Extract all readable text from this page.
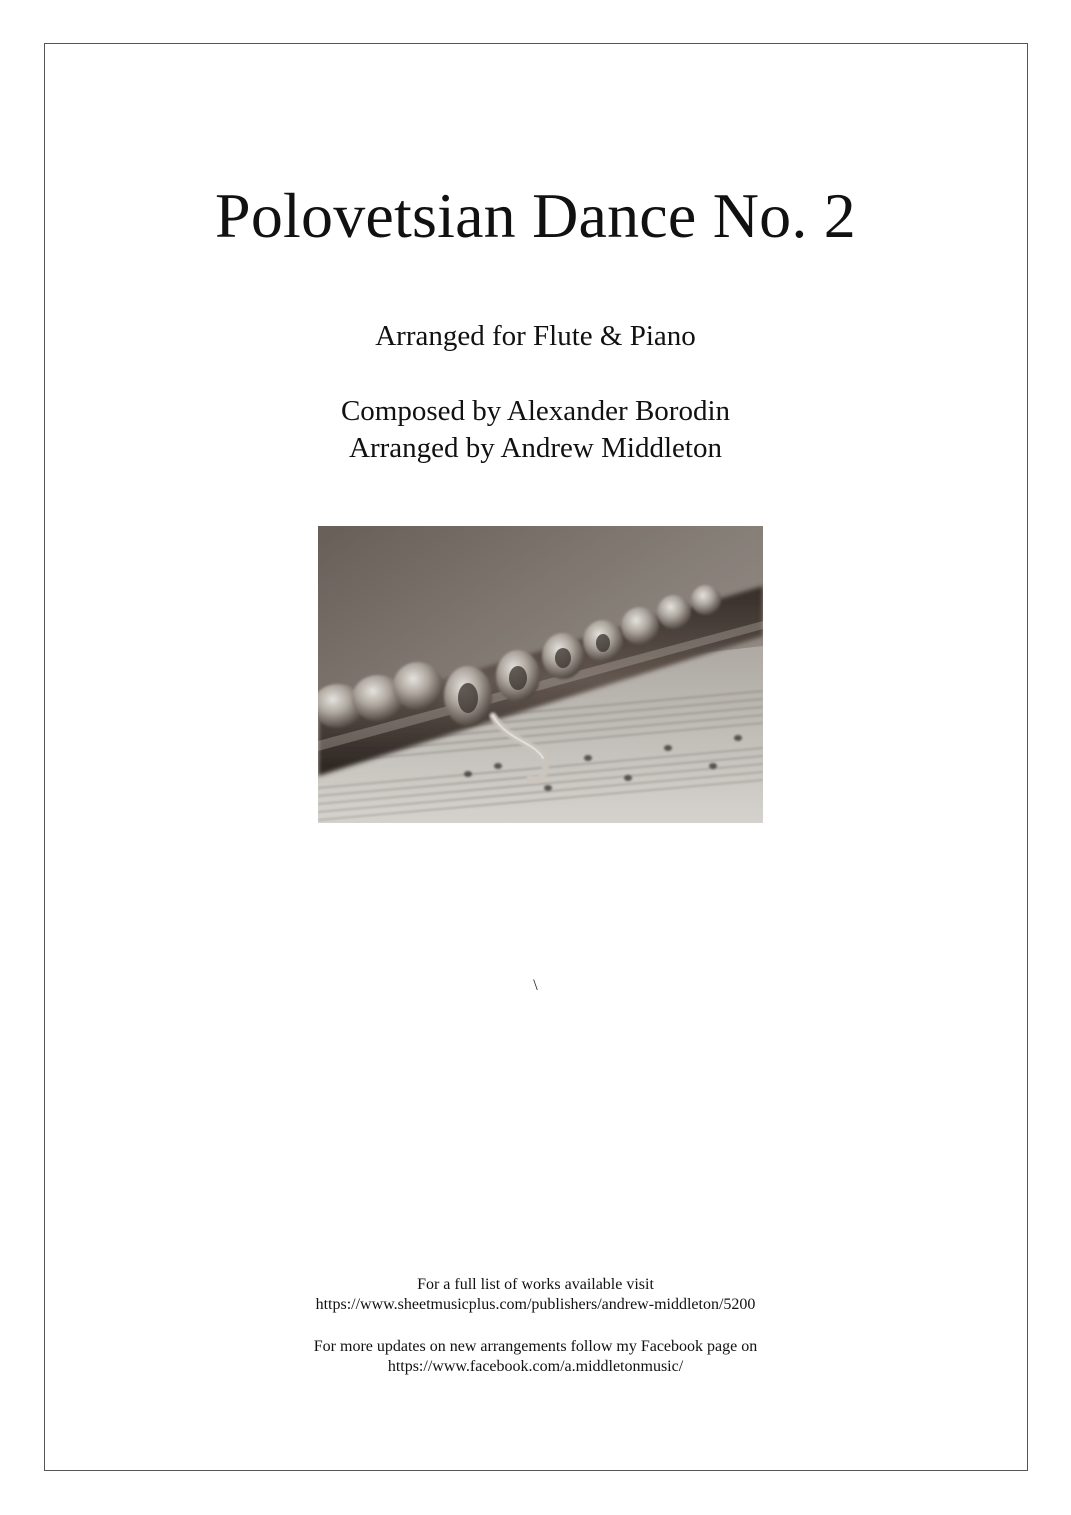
Polovetsian Dance No. 2
Arranged for Flute & Piano
Composed by Alexander Borodin
Arranged by Andrew Middleton
\
For a full list of works available visit
https://www.sheetmusicplus.com/publishers/andrew-middleton/5200
For more updates on new arrangements follow my Facebook page on
https://www.facebook.com/a.middletonmusic/
